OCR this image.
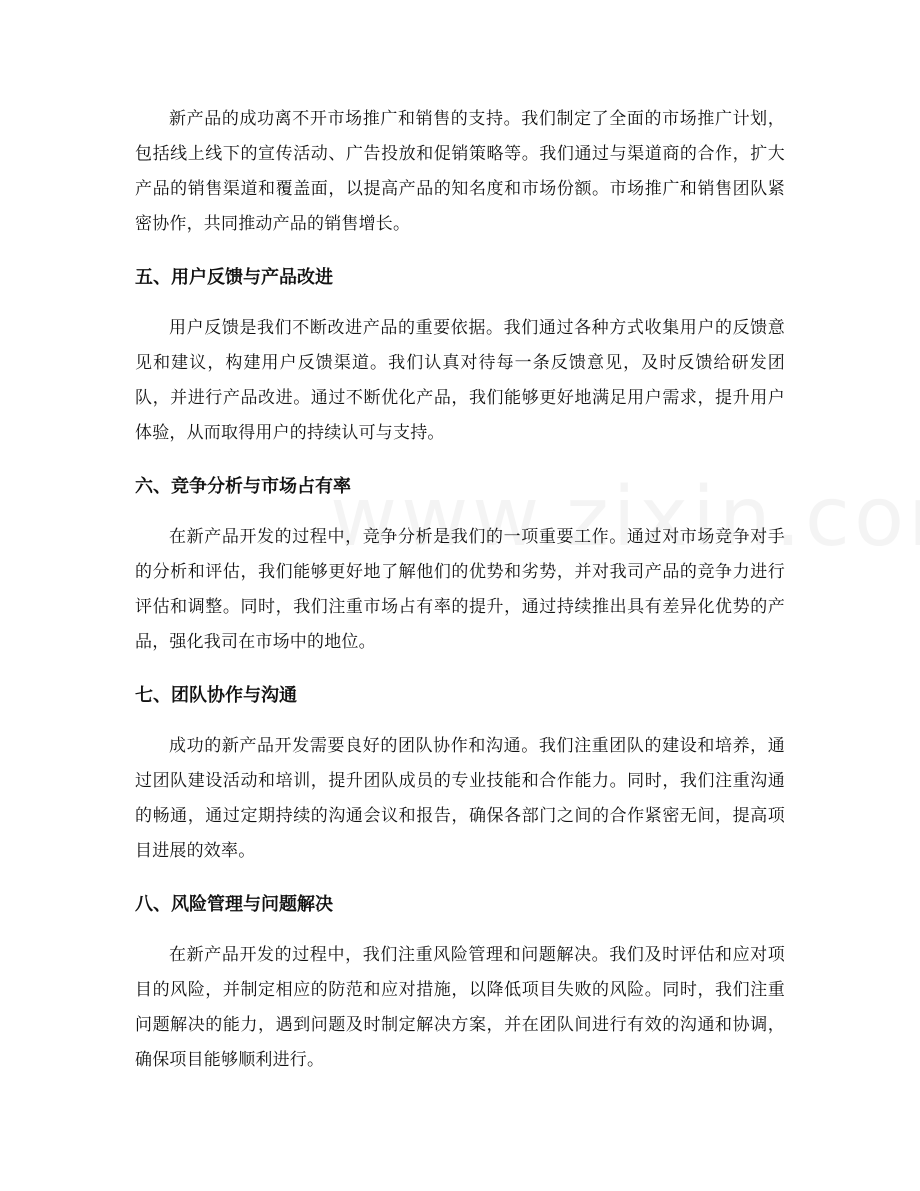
新产品的成功离不开市场推广和销售的支持。我们制定了全面的市场推广计划，包括线上线下的宣传活动、广告投放和促销策略等。我们通过与渠道商的合作，扩大产品的销售渠道和覆盖面，以提高产品的知名度和市场份额。市场推广和销售团队紧密协作，共同推动产品的销售增长。

五、用户反馈与产品改进

用户反馈是我们不断改进产品的重要依据。我们通过各种方式收集用户的反馈意见和建议，构建用户反馈渠道。我们认真对待每一条反馈意见，及时反馈给研发团队，并进行产品改进。通过不断优化产品，我们能够更好地满足用户需求，提升用户体验，从而取得用户的持续认可与支持。

六、竞争分析与市场占有率

在新产品开发的过程中，竞争分析是我们的一项重要工作。通过对市场竞争对手的分析和评估，我们能够更好地了解他们的优势和劣势，并对我司产品的竞争力进行评估和调整。同时，我们注重市场占有率的提升，通过持续推出具有差异化优势的产品，强化我司在市场中的地位。

七、团队协作与沟通

成功的新产品开发需要良好的团队协作和沟通。我们注重团队的建设和培养，通过团队建设活动和培训，提升团队成员的专业技能和合作能力。同时，我们注重沟通的畅通，通过定期持续的沟通会议和报告，确保各部门之间的合作紧密无间，提高项目进展的效率。

八、风险管理与问题解决

在新产品开发的过程中，我们注重风险管理和问题解决。我们及时评估和应对项目的风险，并制定相应的防范和应对措施，以降低项目失败的风险。同时，我们注重问题解决的能力，遇到问题及时制定解决方案，并在团队间进行有效的沟通和协调，确保项目能够顺利进行。
